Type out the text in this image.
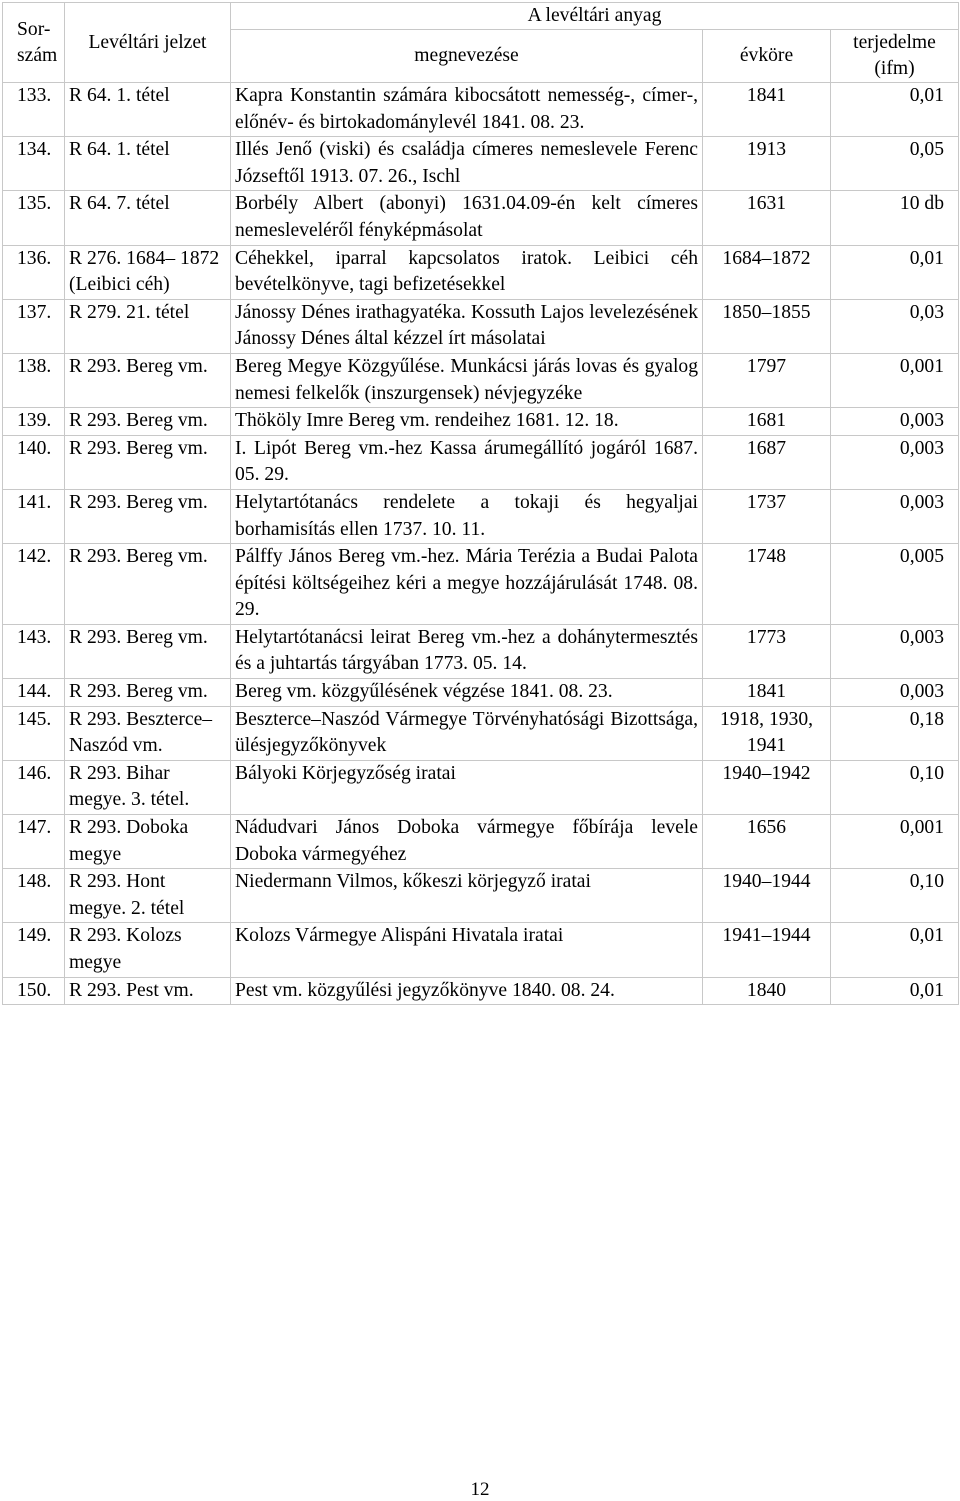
Sor-szám	Levéltári jelzet	A levéltári anyag		
		megnevezése	évköre	terjedelme (ifm)
133.	R 64. 1. tétel	Kapra Konstantin számára kibocsátott nemesség-, címer-, előnév- és birtokadománylevél 1841. 08. 23.	1841	0,01
134.	R 64. 1. tétel	Illés Jenő (viski) és családja címeres nemeslevele Ferenc Józseftől 1913. 07. 26., Ischl	1913	0,05
135.	R 64. 7. tétel	Borbély Albert (abonyi) 1631.04.09-én kelt címeres nemesleveléről fényképmásolat	1631	10 db
136.	R 276. 1684– 1872 (Leibici céh)	Céhekkel, iparral kapcsolatos iratok. Leibici céh bevételkönyve, tagi befizetésekkel	1684–1872	0,01
137.	R 279. 21. tétel	Jánossy Dénes irathagyatéka. Kossuth Lajos levelezésének Jánossy Dénes által kézzel írt másolatai	1850–1855	0,03
138.	R 293. Bereg vm.	Bereg Megye Közgyűlése. Munkácsi járás lovas és gyalog nemesi felkelők (inszurgensek) névjegyzéke	1797	0,001
139.	R 293. Bereg vm.	Thököly Imre Bereg vm. rendeihez 1681. 12. 18.	1681	0,003
140.	R 293. Bereg vm.	I. Lipót Bereg vm.-hez Kassa árumegállító jogáról 1687. 05. 29.	1687	0,003
141.	R 293. Bereg vm.	Helytartótanács rendelete a tokaji és hegyaljai borhamisítás ellen 1737. 10. 11.	1737	0,003
142.	R 293. Bereg vm.	Pálffy János Bereg vm.-hez. Mária Terézia a Budai Palota építési költségeihez kéri a megye hozzájárulását 1748. 08. 29.	1748	0,005
143.	R 293. Bereg vm.	Helytartótanácsi leirat Bereg vm.-hez a dohánytermesztés és a juhtartás tárgyában 1773. 05. 14.	1773	0,003
144.	R 293. Bereg vm.	Bereg vm. közgyűlésének végzése 1841. 08. 23.	1841	0,003
145.	R 293. Beszterce–Naszód vm.	Beszterce–Naszód Vármegye Törvényhatósági Bizottsága, ülésjegyzőkönyvek	1918, 1930, 1941	0,18
146.	R 293. Bihar megye. 3. tétel.	Bályoki Körjegyzőség iratai	1940–1942	0,10
147.	R 293. Doboka megye	Nádudvari János Doboka vármegye főbírája levele Doboka vármegyéhez	1656	0,001
148.	R 293. Hont megye. 2. tétel	Niedermann Vilmos, kőkeszi körjegyző iratai	1940–1944	0,10
149.	R 293. Kolozs megye	Kolozs Vármegye Alispáni Hivatala iratai	1941–1944	0,01
150.	R 293. Pest vm.	Pest vm. közgyűlési jegyzőkönyve 1840. 08. 24.	1840	0,01
12
